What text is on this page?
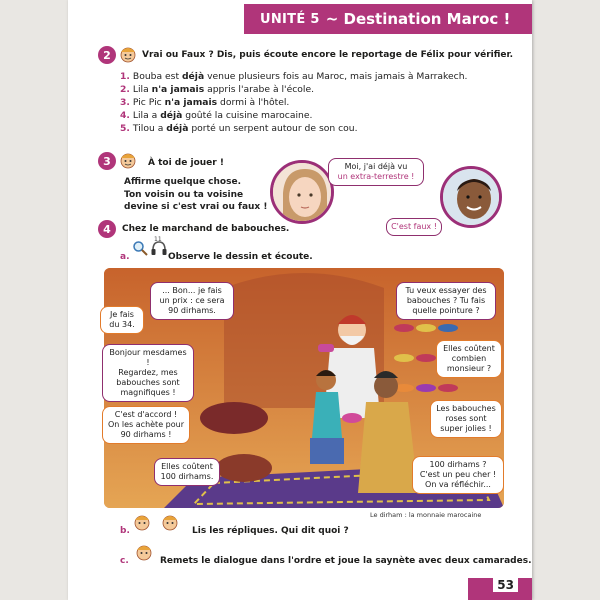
UNITÉ 5 ~ Destination Maroc !
2	Vrai ou Faux ? Dis, puis écoute encore le reportage de Félix pour vérifier.
1. Bouba est déjà venue plusieurs fois au Maroc, mais jamais à Marrakech.
2. Lila n'a jamais appris l'arabe à l'école.
3. Pic Pic n'a jamais dormi à l'hôtel.
4. Lila a déjà goûté la cuisine marocaine.
5. Tilou a déjà porté un serpent autour de son cou.
3	À toi de jouer !
Affirme quelque chose.
Ton voisin ou ta voisine
devine si c'est vrai ou faux !
Moi, j'ai déjà vu
un extra-terrestre !
C'est faux !
4	Chez le marchand de babouches.
a.
11
Observe le dessin et écoute.
... Bon... je fais
un prix : ce sera
90 dirhams.
Je fais
du 34.
Bonjour mesdames !
Regardez, mes
babouches sont
magnifiques !
C'est d'accord !
On les achète pour
90 dirhams !
Elles coûtent
100 dirhams.
Tu veux essayer des
babouches ? Tu fais
quelle pointure ?
Elles coûtent
combien
monsieur ?
Les babouches
roses sont
super jolies !
100 dirhams ?
C'est un peu cher !
On va réfléchir...
Le dirham : la monnaie marocaine
b.	Lis les répliques. Qui dit quoi ?
c.	Remets le dialogue dans l'ordre et joue la saynète avec deux camarades.
53
